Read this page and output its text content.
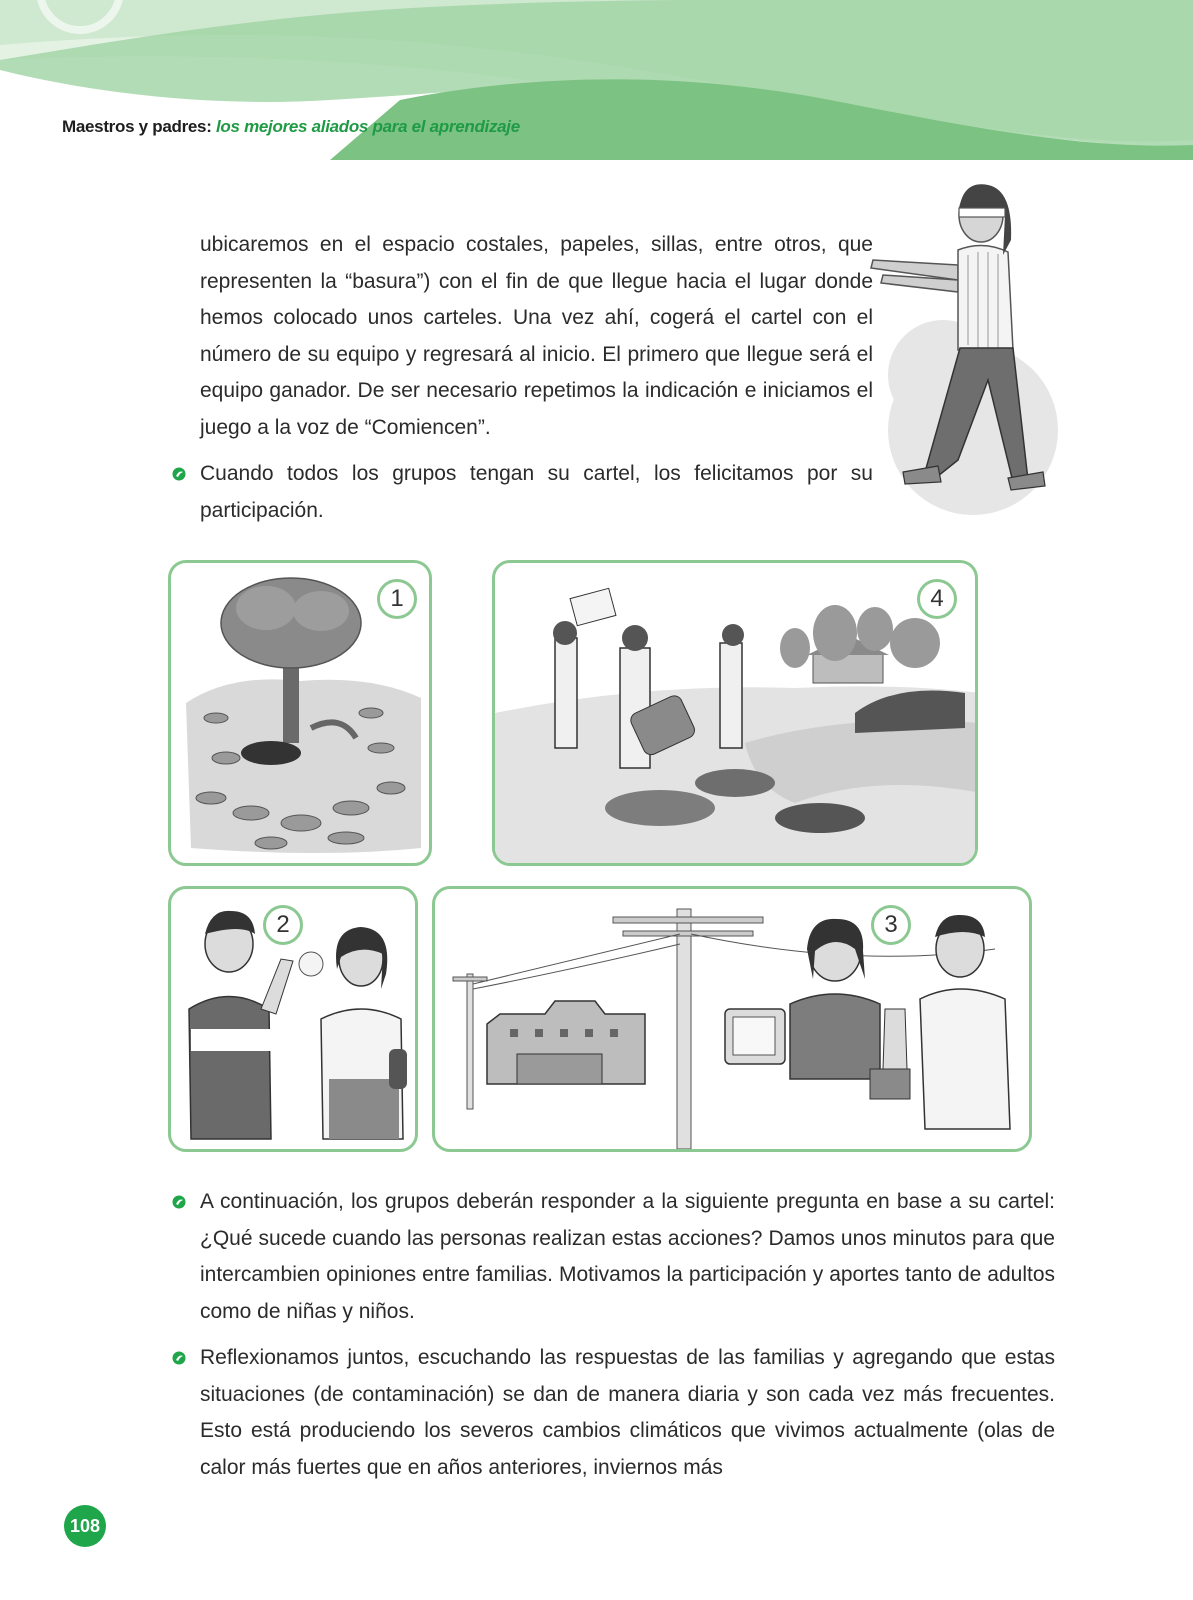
Maestros y padres: los mejores aliados para el aprendizaje
ubicaremos en el espacio costales, papeles, sillas, entre otros, que representen la “basura”) con el fin de que llegue hacia el lugar donde hemos colocado unos carteles. Una vez ahí, cogerá el cartel con el número de su equipo y regresará al inicio. El primero que llegue será el equipo ganador. De ser necesario repetimos la indicación e iniciamos el juego a la voz de “Comiencen”.
Cuando todos los grupos tengan su cartel, los felicitamos por su participación.
1	4
2	3
A continuación, los grupos deberán responder a la siguiente pregunta en base a su cartel: ¿Qué sucede cuando las personas realizan estas acciones? Damos unos minutos para que intercambien opiniones entre familias. Motivamos la participación y aportes tanto de adultos como de niñas y niños.
Reflexionamos juntos, escuchando las respuestas de las familias y agregando que estas situaciones (de contaminación) se dan de manera diaria y son cada vez más frecuentes. Esto está produciendo los severos cambios climáticos que vivimos actualmente (olas de calor más fuertes que en años anteriores, inviernos más
108
